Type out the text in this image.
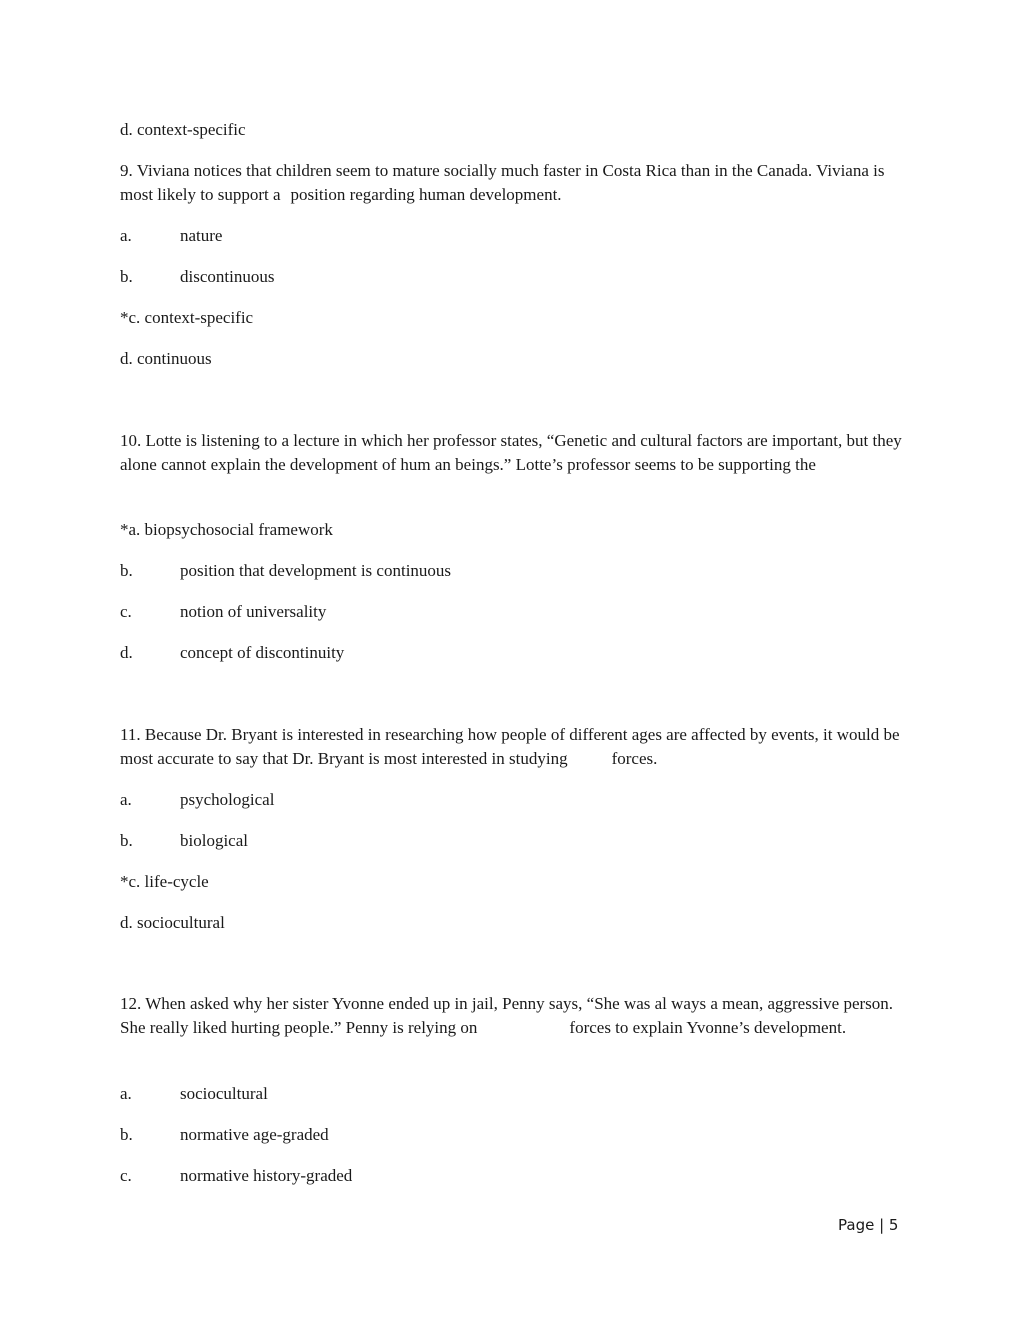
d. context-specific
9. Viviana notices that children seem to mature socially much faster in Costa Rica than in the Canada. Viviana is most likely to support a position regarding human development.
a.	nature
b.	discontinuous
*c. context-specific
d. continuous
10. Lotte is listening to a lecture in which her professor states, “Genetic and cultural factors are important, but they alone cannot explain the development of hum an beings.” Lotte’s professor seems to be supporting the
*a. biopsychosocial framework
b.	position that development is continuous
c.	notion of universality
d.	concept of discontinuity
11. Because Dr. Bryant is interested in researching how people of different ages are affected by events, it would be most accurate to say that Dr. Bryant is most interested in studying	forces.
a.	psychological
b.	biological
*c. life-cycle
d. sociocultural
12. When asked why her sister Yvonne ended up in jail, Penny says, “She was al ways a mean, aggressive person. She really liked hurting people.” Penny is relying on	forces to explain Yvonne’s development.
a.	sociocultural
b.	normative age-graded
c.	normative history-graded
Page | 5
